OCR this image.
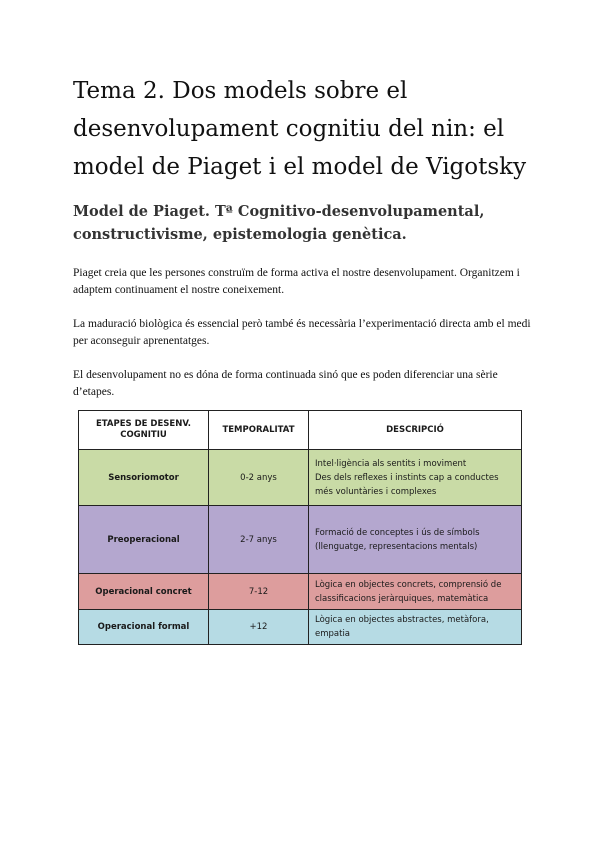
Tema 2. Dos models sobre el desenvolupament cognitiu del nin: el model de Piaget i el model de Vigotsky
Model de Piaget. Tª Cognitivo-desenvolupamental, constructivisme, epistemologia genètica.

Piaget creia que les persones construïm de forma activa el nostre desenvolupament. Organitzem i adaptem continuament el nostre coneixement.

La maduració biològica és essencial però també és necessària l’experimentació directa amb el medi per aconseguir aprenentatges.

El desenvolupament no es dóna de forma continuada sinó que es poden diferenciar una sèrie d’etapes.

ETAPES DE DESENV. COGNITIU	TEMPORALITAT	DESCRIPCIÓ
Sensoriomotor	0-2 anys	Intel·ligència als sentits i moviment
Des dels reflexes i instints cap a conductes més voluntàries i complexes

Preoperacional	2-7 anys	Formació de conceptes i ús de símbols (llenguatge, representacions mentals)

Operacional concret	7-12	Lògica en objectes concrets, comprensió de classificacions jeràrquiques, matemàtica

Operacional formal	+12	Lògica en objectes abstractes, metàfora, empatia
